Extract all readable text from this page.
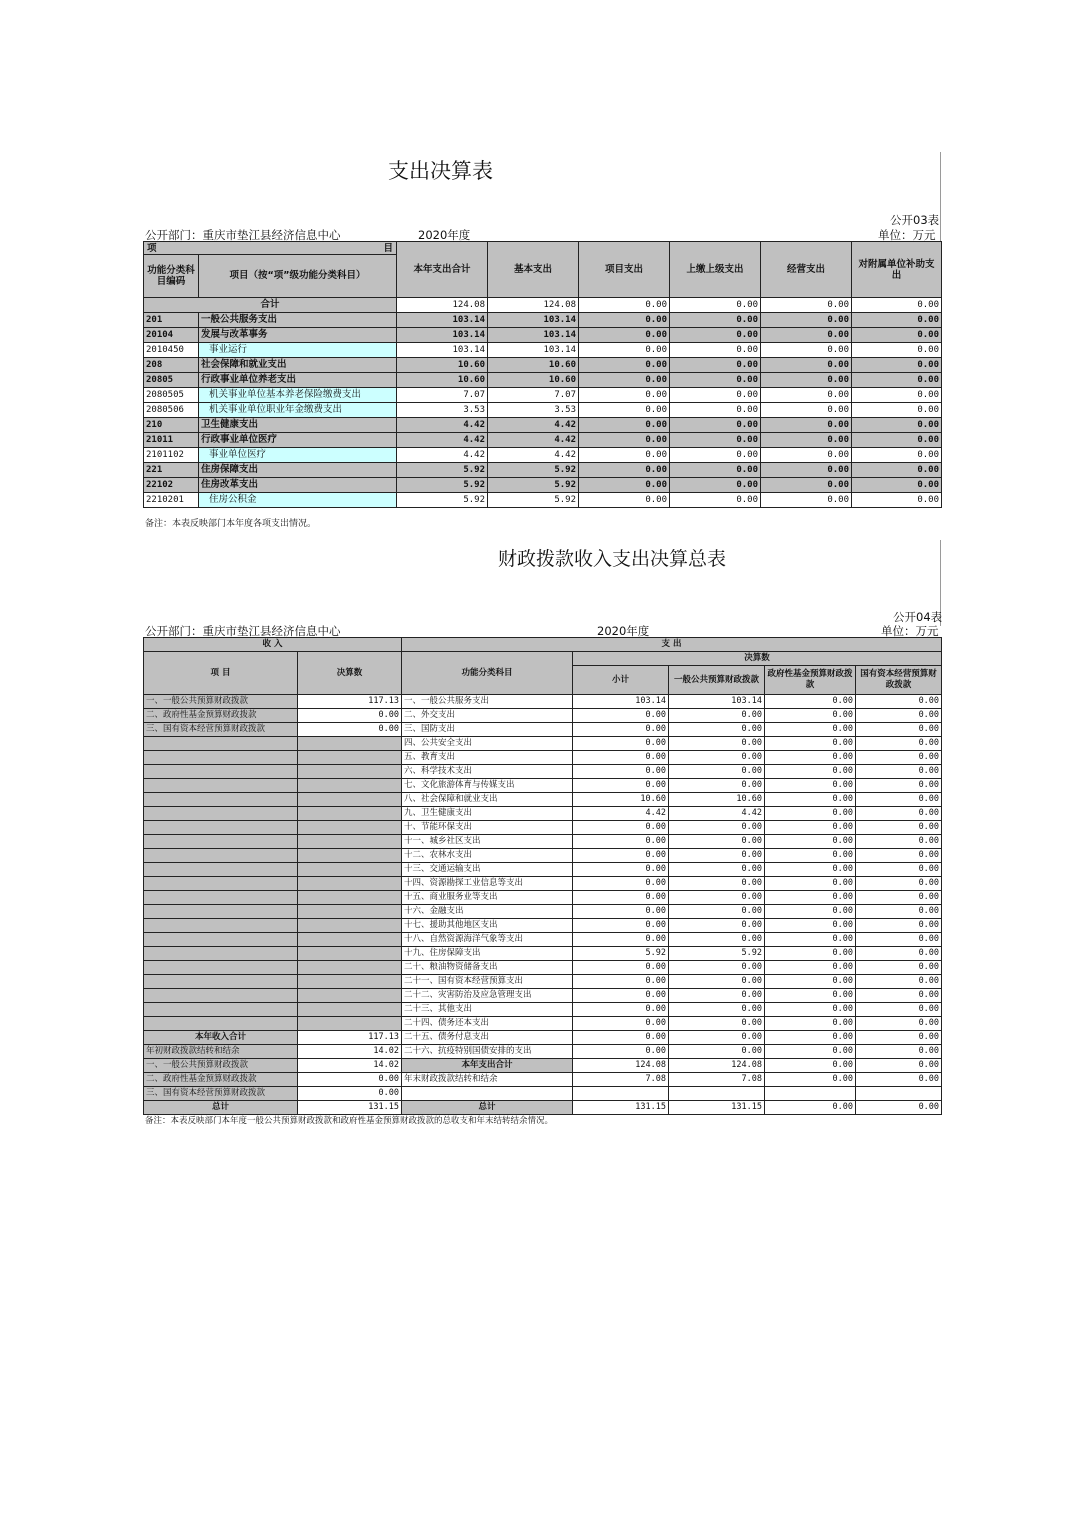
支出决算表
公开03表
公开部门：重庆市垫江县经济信息中心	2020年度	单位：万元
项 目		本年支出合计	基本支出	项目支出	上缴上级支出	经营支出	对附属单位补助支出
功能分类科目编码	项目（按“项”级功能分类科目）						
合计		124.08	124.08	0.00	0.00	0.00	0.00
201	一般公共服务支出	103.14	103.14	0.00	0.00	0.00	0.00
20104	发展与改革事务	103.14	103.14	0.00	0.00	0.00	0.00
2010450	事业运行	103.14	103.14	0.00	0.00	0.00	0.00
208	社会保障和就业支出	10.60	10.60	0.00	0.00	0.00	0.00
20805	行政事业单位养老支出	10.60	10.60	0.00	0.00	0.00	0.00
2080505	机关事业单位基本养老保险缴费支出	7.07	7.07	0.00	0.00	0.00	0.00
2080506	机关事业单位职业年金缴费支出	3.53	3.53	0.00	0.00	0.00	0.00
210	卫生健康支出	4.42	4.42	0.00	0.00	0.00	0.00
21011	行政事业单位医疗	4.42	4.42	0.00	0.00	0.00	0.00
2101102	事业单位医疗	4.42	4.42	0.00	0.00	0.00	0.00
221	住房保障支出	5.92	5.92	0.00	0.00	0.00	0.00
22102	住房改革支出	5.92	5.92	0.00	0.00	0.00	0.00
2210201	住房公积金	5.92	5.92	0.00	0.00	0.00	0.00
备注：本表反映部门本年度各项支出情况。
财政拨款收入支出决算总表
公开04表
公开部门：重庆市垫江县经济信息中心	2020年度	单位：万元
收 入		支 出				
项 目	决算数	功能分类科目	决算数			
			小计	一般公共预算财政拨款	政府性基金预算财政拨款	国有资本经营预算财政拨款
一、一般公共预算财政拨款	117.13	一、一般公共服务支出	103.14	103.14	0.00	0.00
二、政府性基金预算财政拨款	0.00	二、外交支出	0.00	0.00	0.00	0.00
三、国有资本经营预算财政拨款	0.00	三、国防支出	0.00	0.00	0.00	0.00
		四、公共安全支出	0.00	0.00	0.00	0.00
		五、教育支出	0.00	0.00	0.00	0.00
		六、科学技术支出	0.00	0.00	0.00	0.00
		七、文化旅游体育与传媒支出	0.00	0.00	0.00	0.00
		八、社会保障和就业支出	10.60	10.60	0.00	0.00
		九、卫生健康支出	4.42	4.42	0.00	0.00
		十、节能环保支出	0.00	0.00	0.00	0.00
		十一、城乡社区支出	0.00	0.00	0.00	0.00
		十二、农林水支出	0.00	0.00	0.00	0.00
		十三、交通运输支出	0.00	0.00	0.00	0.00
		十四、资源勘探工业信息等支出	0.00	0.00	0.00	0.00
		十五、商业服务业等支出	0.00	0.00	0.00	0.00
		十六、金融支出	0.00	0.00	0.00	0.00
		十七、援助其他地区支出	0.00	0.00	0.00	0.00
		十八、自然资源海洋气象等支出	0.00	0.00	0.00	0.00
		十九、住房保障支出	5.92	5.92	0.00	0.00
		二十、粮油物资储备支出	0.00	0.00	0.00	0.00
		二十一、国有资本经营预算支出	0.00	0.00	0.00	0.00
		二十二、灾害防治及应急管理支出	0.00	0.00	0.00	0.00
		二十三、其他支出	0.00	0.00	0.00	0.00
		二十四、债务还本支出	0.00	0.00	0.00	0.00
本年收入合计	117.13	二十五、债务付息支出	0.00	0.00	0.00	0.00
年初财政拨款结转和结余	14.02	二十六、抗疫特别国债安排的支出	0.00	0.00	0.00	0.00
一、一般公共预算财政拨款	14.02	本年支出合计	124.08	124.08	0.00	0.00
二、政府性基金预算财政拨款	0.00	年末财政拨款结转和结余	7.08	7.08	0.00	0.00
三、国有资本经营预算财政拨款	0.00					
总计	131.15	总计	131.15	131.15	0.00	0.00
备注：本表反映部门本年度一般公共预算财政拨款和政府性基金预算财政拨款的总收支和年末结转结余情况。
